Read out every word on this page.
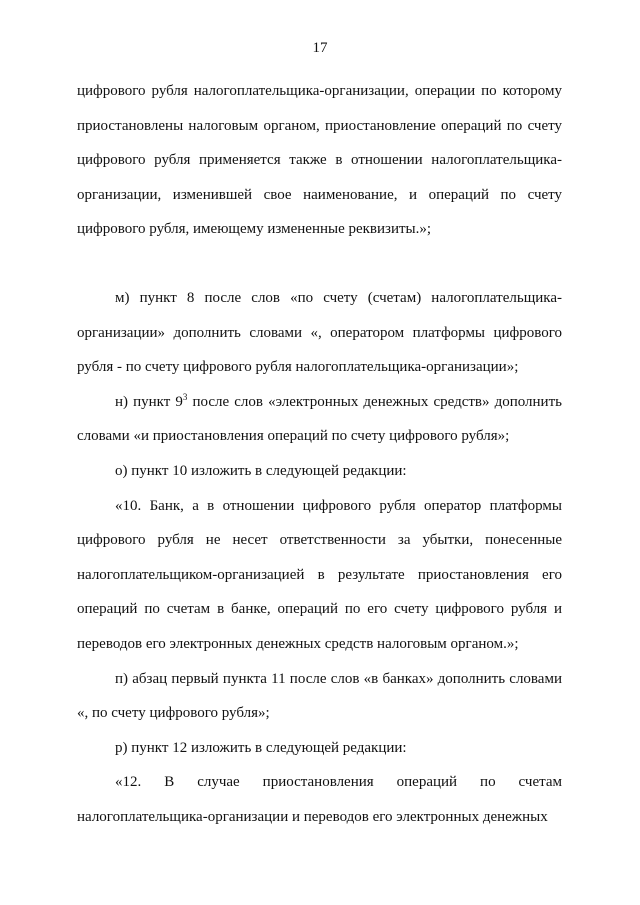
17

цифрового рубля налогоплательщика-организации, операции по которому приостановлены налоговым органом, приостановление операций по счету цифрового рубля применяется также в отношении налогоплательщика-организации, изменившей свое наименование, и операций по счету цифрового рубля, имеющему измененные реквизиты.»;

м) пункт 8 после слов «по счету (счетам) налогоплательщика-организации» дополнить словами «, оператором платформы цифрового рубля - по счету цифрового рубля налогоплательщика-организации»;

н) пункт $9^3$ после слов «электронных денежных средств» дополнить словами «и приостановления операций по счету цифрового рубля»;

о) пункт 10 изложить в следующей редакции:

«10. Банк, а в отношении цифрового рубля оператор платформы цифрового рубля не несет ответственности за убытки, понесенные налогоплательщиком-организацией в результате приостановления его операций по счетам в банке, операций по его счету цифрового рубля и переводов его электронных денежных средств налоговым органом.»;

п) абзац первый пункта 11 после слов «в банках» дополнить словами «, по счету цифрового рубля»;

р) пункт 12 изложить в следующей редакции:

«12. В случае приостановления операций по счетам налогоплательщика-организации и переводов его электронных денежных
